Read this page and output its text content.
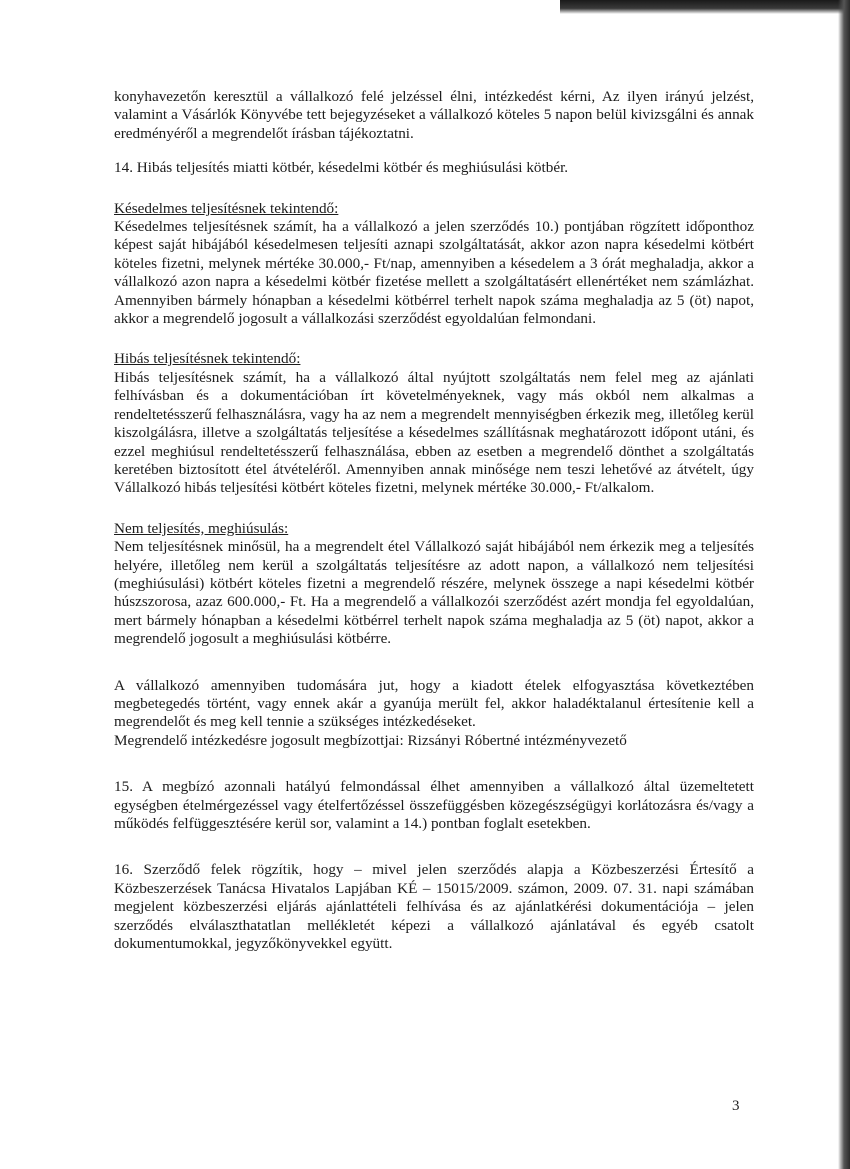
konyhavezetőn keresztül a vállalkozó felé jelzéssel élni, intézkedést kérni, Az ilyen irányú jelzést, valamint a Vásárlók Könyvébe tett bejegyzéseket a vállalkozó köteles 5 napon belül kivizsgálni és annak eredményéről a megrendelőt írásban tájékoztatni.

14. Hibás teljesítés miatti kötbér, késedelmi kötbér és meghiúsulási kötbér.

Késedelmes teljesítésnek tekintendő:

Késedelmes teljesítésnek számít, ha a vállalkozó a jelen szerződés 10.) pontjában rögzített időponthoz képest saját hibájából késedelmesen teljesíti aznapi szolgáltatását, akkor azon napra késedelmi kötbért köteles fizetni, melynek mértéke 30.000,- Ft/nap, amennyiben a késedelem a 3 órát meghaladja, akkor a vállalkozó azon napra a késedelmi kötbér fizetése mellett a szolgáltatásért ellenértéket nem számlázhat. Amennyiben bármely hónapban a késedelmi kötbérrel terhelt napok száma meghaladja az 5 (öt) napot, akkor a megrendelő jogosult a vállalkozási szerződést egyoldalúan felmondani.

Hibás teljesítésnek tekintendő:

Hibás teljesítésnek számít, ha a vállalkozó által nyújtott szolgáltatás nem felel meg az ajánlati felhívásban és a dokumentációban írt követelményeknek, vagy más okból nem alkalmas a rendeltetésszerű felhasználásra, vagy ha az nem a megrendelt mennyiségben érkezik meg, illetőleg kerül kiszolgálásra, illetve a szolgáltatás teljesítése a késedelmes szállításnak meghatározott időpont utáni, és ezzel meghiúsul rendeltetésszerű felhasználása, ebben az esetben a megrendelő dönthet a szolgáltatás keretében biztosított étel átvételéről. Amennyiben annak minősége nem teszi lehetővé az átvételt, úgy Vállalkozó hibás teljesítési kötbért köteles fizetni, melynek mértéke 30.000,- Ft/alkalom.

Nem teljesítés, meghiúsulás:

Nem teljesítésnek minősül, ha a megrendelt étel Vállalkozó saját hibájából nem érkezik meg a teljesítés helyére, illetőleg nem kerül a szolgáltatás teljesítésre az adott napon, a vállalkozó nem teljesítési (meghiúsulási) kötbért köteles fizetni a megrendelő részére, melynek összege a napi késedelmi kötbér húszszorosa, azaz 600.000,- Ft. Ha a megrendelő a vállalkozói szerződést azért mondja fel egyoldalúan, mert bármely hónapban a késedelmi kötbérrel terhelt napok száma meghaladja az 5 (öt) napot, akkor a megrendelő jogosult a meghiúsulási kötbérre.

A vállalkozó amennyiben tudomására jut, hogy a kiadott ételek elfogyasztása következtében megbetegedés történt, vagy ennek akár a gyanúja merült fel, akkor haladéktalanul értesítenie kell a megrendelőt és meg kell tennie a szükséges intézkedéseket.

Megrendelő intézkedésre jogosult megbízottjai: Rizsányi Róbertné intézményvezető

15. A megbízó azonnali hatályú felmondással élhet amennyiben a vállalkozó által üzemeltetett egységben ételmérgezéssel vagy ételfertőzéssel összefüggésben közegészségügyi korlátozásra és/vagy a működés felfüggesztésére kerül sor, valamint a 14.) pontban foglalt esetekben.

16. Szerződő felek rögzítik, hogy – mivel jelen szerződés alapja a Közbeszerzési Értesítő a Közbeszerzések Tanácsa Hivatalos Lapjában KÉ – 15015/2009. számon, 2009. 07. 31. napi számában megjelent közbeszerzési eljárás ajánlattételi felhívása és az ajánlatkérési dokumentációja – jelen szerződés elválaszthatatlan mellékletét képezi a vállalkozó ajánlatával és egyéb csatolt dokumentumokkal, jegyzőkönyvekkel együtt.

3
